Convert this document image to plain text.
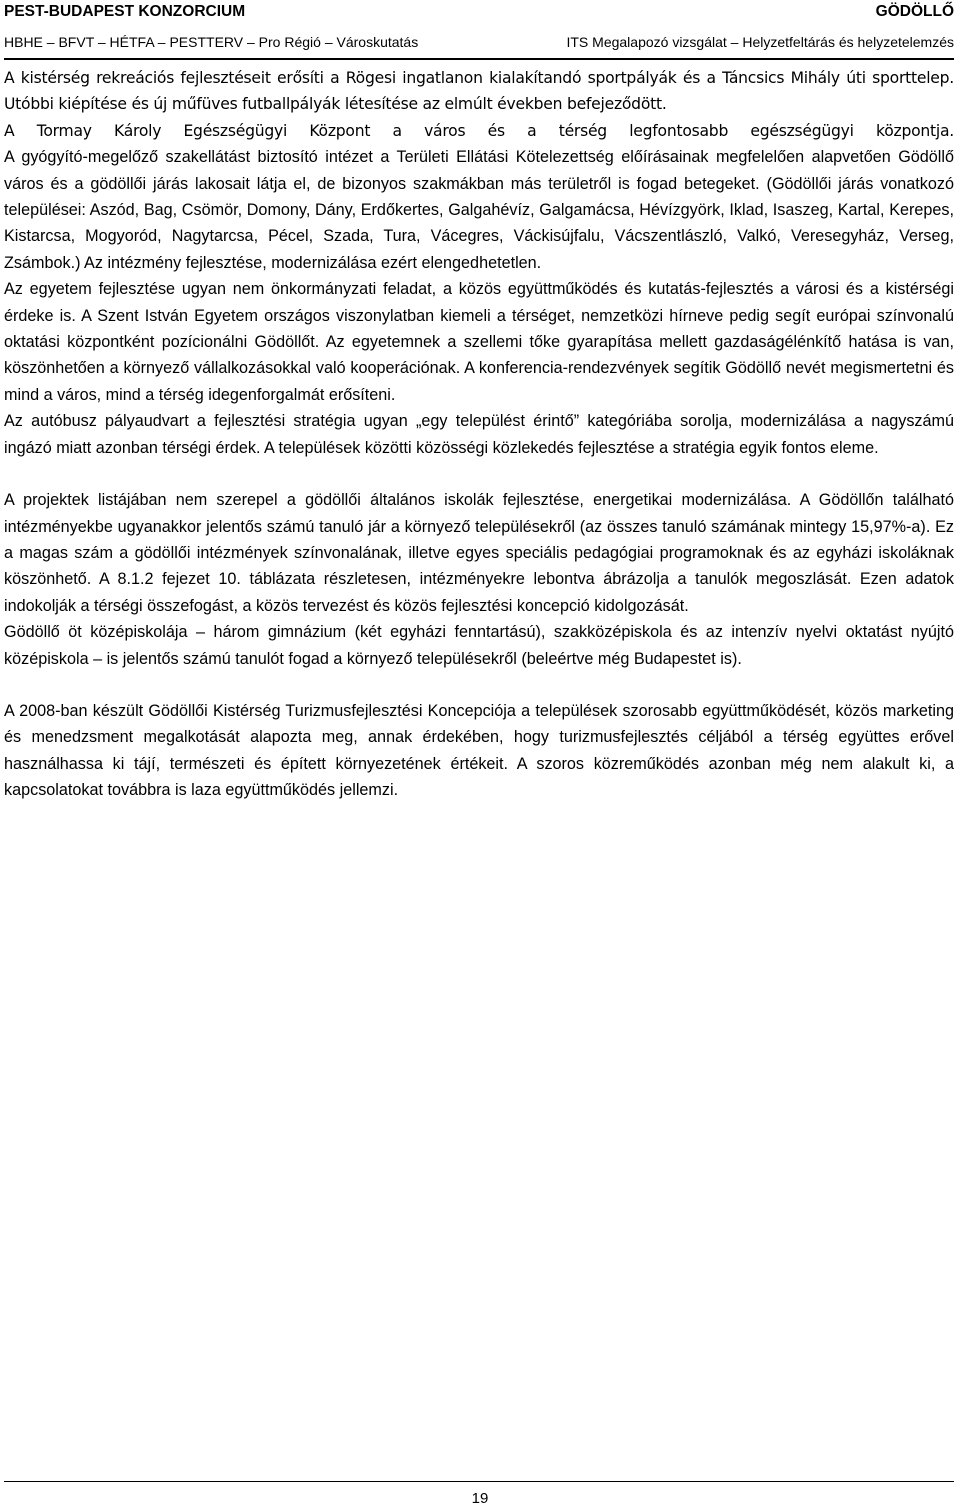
PEST-BUDAPEST KONZORCIUM	GÖDÖLLŐ
HBHE – BFVT – HÉTFA – PESTTERV – Pro Régió – Városkutatás	ITS Megalapozó vizsgálat – Helyzetfeltárás és helyzetelemzés

A kistérség rekreációs fejlesztéseit erősíti a Rögesi ingatlanon kialakítandó sportpályák és a Táncsics Mihály úti sporttelep. Utóbbi kiépítése és új műfüves futballpályák létesítése az elmúlt években befejeződött.

A Tormay Károly Egészségügyi Központ a város és a térség legfontosabb egészségügyi központja.

A gyógyító-megelőző szakellátást biztosító intézet a Területi Ellátási Kötelezettség előírásainak megfelelően alapvetően Gödöllő város és a gödöllői járás lakosait látja el, de bizonyos szakmákban más területről is fogad betegeket. (Gödöllői járás vonatkozó települései: Aszód, Bag, Csömör, Domony, Dány, Erdőkertes, Galgahévíz, Galgamácsa, Hévízgyörk, Iklad, Isaszeg, Kartal, Kerepes, Kistarcsa, Mogyoród, Nagytarcsa, Pécel, Szada, Tura, Vácegres, Váckisújfalu, Vácszentlászló, Valkó, Veresegyház, Verseg, Zsámbok.) Az intézmény fejlesztése, modernizálása ezért elengedhetetlen.

Az egyetem fejlesztése ugyan nem önkormányzati feladat, a közös együttműködés és kutatás-fejlesztés a városi és a kistérségi érdeke is. A Szent István Egyetem országos viszonylatban kiemeli a térséget, nemzetközi hírneve pedig segít európai színvonalú oktatási központként pozícionálni Gödöllőt. Az egyetemnek a szellemi tőke gyarapítása mellett gazdaságélénkítő hatása is van, köszönhetően a környező vállalkozásokkal való kooperációnak. A konferencia-rendezvények segítik Gödöllő nevét megismertetni és mind a város, mind a térség idegenforgalmát erősíteni.

Az autóbusz pályaudvart a fejlesztési stratégia ugyan „egy települést érintő” kategóriába sorolja, modernizálása a nagyszámú ingázó miatt azonban térségi érdek. A települések közötti közösségi közlekedés fejlesztése a stratégia egyik fontos eleme.

A projektek listájában nem szerepel a gödöllői általános iskolák fejlesztése, energetikai modernizálása. A Gödöllőn található intézményekbe ugyanakkor jelentős számú tanuló jár a környező településekről (az összes tanuló számának mintegy 15,97%-a). Ez a magas szám a gödöllői intézmények színvonalának, illetve egyes speciális pedagógiai programoknak és az egyházi iskoláknak köszönhető. A 8.1.2 fejezet 10. táblázata részletesen, intézményekre lebontva ábrázolja a tanulók megoszlását. Ezen adatok indokolják a térségi összefogást, a közös tervezést és közös fejlesztési koncepció kidolgozását.

Gödöllő öt középiskolája – három gimnázium (két egyházi fenntartású), szakközépiskola és az intenzív nyelvi oktatást nyújtó középiskola – is jelentős számú tanulót fogad a környező településekről (beleértve még Budapestet is).

A 2008-ban készült Gödöllői Kistérség Turizmusfejlesztési Koncepciója a települések szorosabb együttműködését, közös marketing és menedzsment megalkotását alapozta meg, annak érdekében, hogy turizmusfejlesztés céljából a térség együttes erővel használhassa ki tájí, természeti és épített környezetének értékeit. A szoros közreműködés azonban még nem alakult ki, a kapcsolatokat továbbra is laza együttműködés jellemzi.

19
